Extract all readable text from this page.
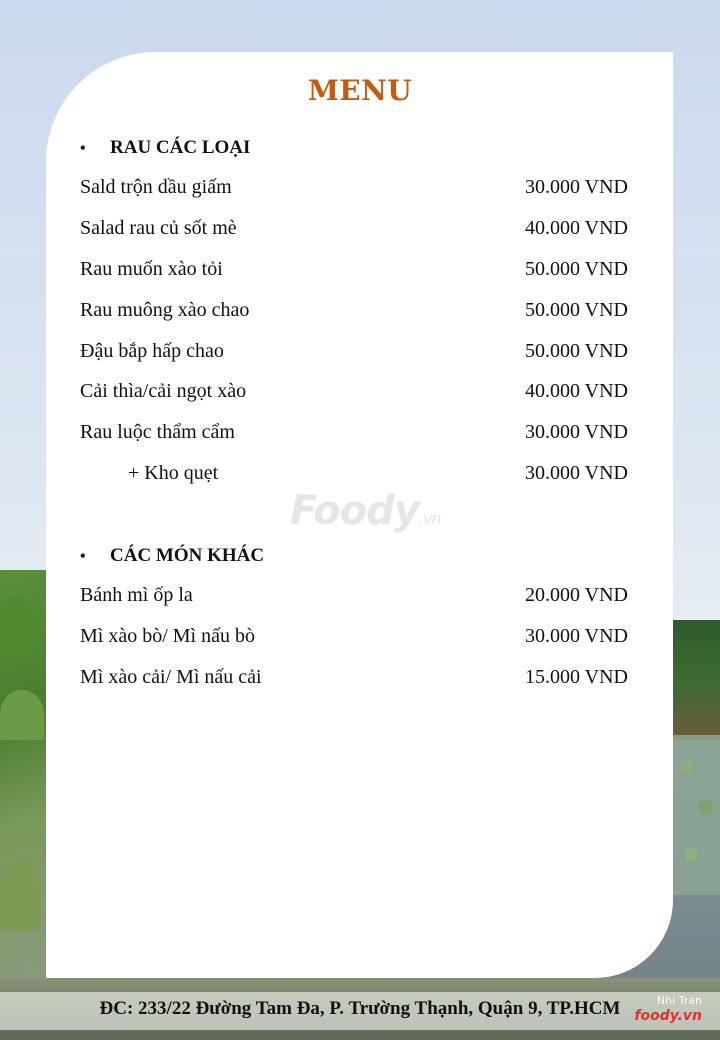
MENU
• RAU CÁC LOẠI
Sald trộn dầu giấm	30.000 VND
Salad rau củ sốt mè	40.000 VND
Rau muốn xào tỏi	50.000 VND
Rau muông xào chao	50.000 VND
Đậu bắp hấp chao	50.000 VND
Cải thìa/cải ngọt xào	40.000 VND
Rau luộc thẩm cẩm	30.000 VND
+ Kho quẹt	30.000 VND
Foody.vn
• CÁC MÓN KHÁC
Bánh mì ốp la	20.000 VND
Mì xào bò/ Mì nấu bò	30.000 VND
Mì xào cải/ Mì nấu cải	15.000 VND
ĐC: 233/22 Đường Tam Đa, P. Trường Thạnh, Quận 9, TP.HCM	Nhi Tran
foody.vn
